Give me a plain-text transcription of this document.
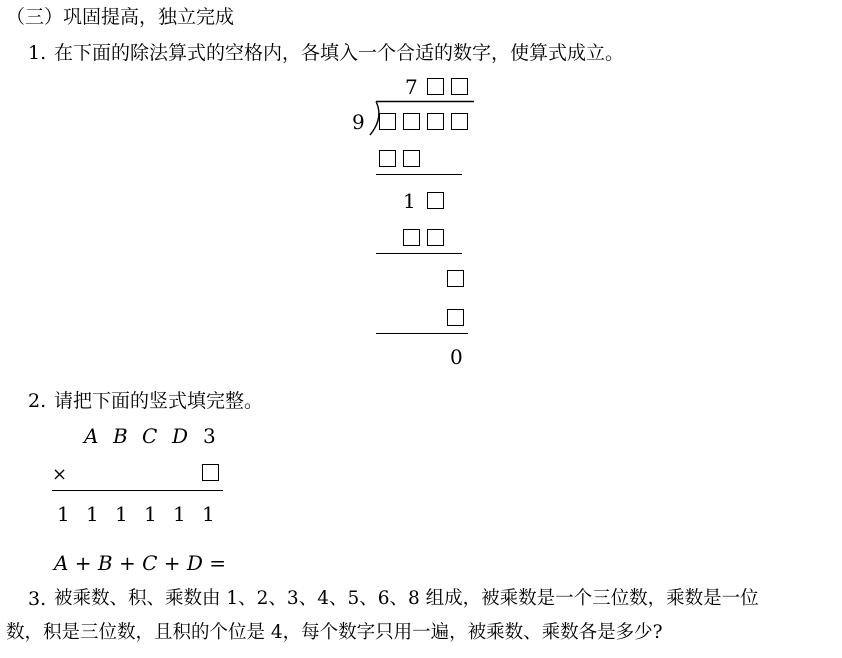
（三）巩固提高，独立完成
1. 在下面的除法算式的空格内，各填入一个合适的数字，使算式成立。
7
9
1
0
2. 请把下面的竖式填完整。
A B C D 3
×
1 1 1 1 1 1
A + B + C + D =
3. 被乘数、积、乘数由 1、2、3、4、5、6、8 组成，被乘数是一个三位数，乘数是一位
数，积是三位数，且积的个位是 4，每个数字只用一遍，被乘数、乘数各是多少?
